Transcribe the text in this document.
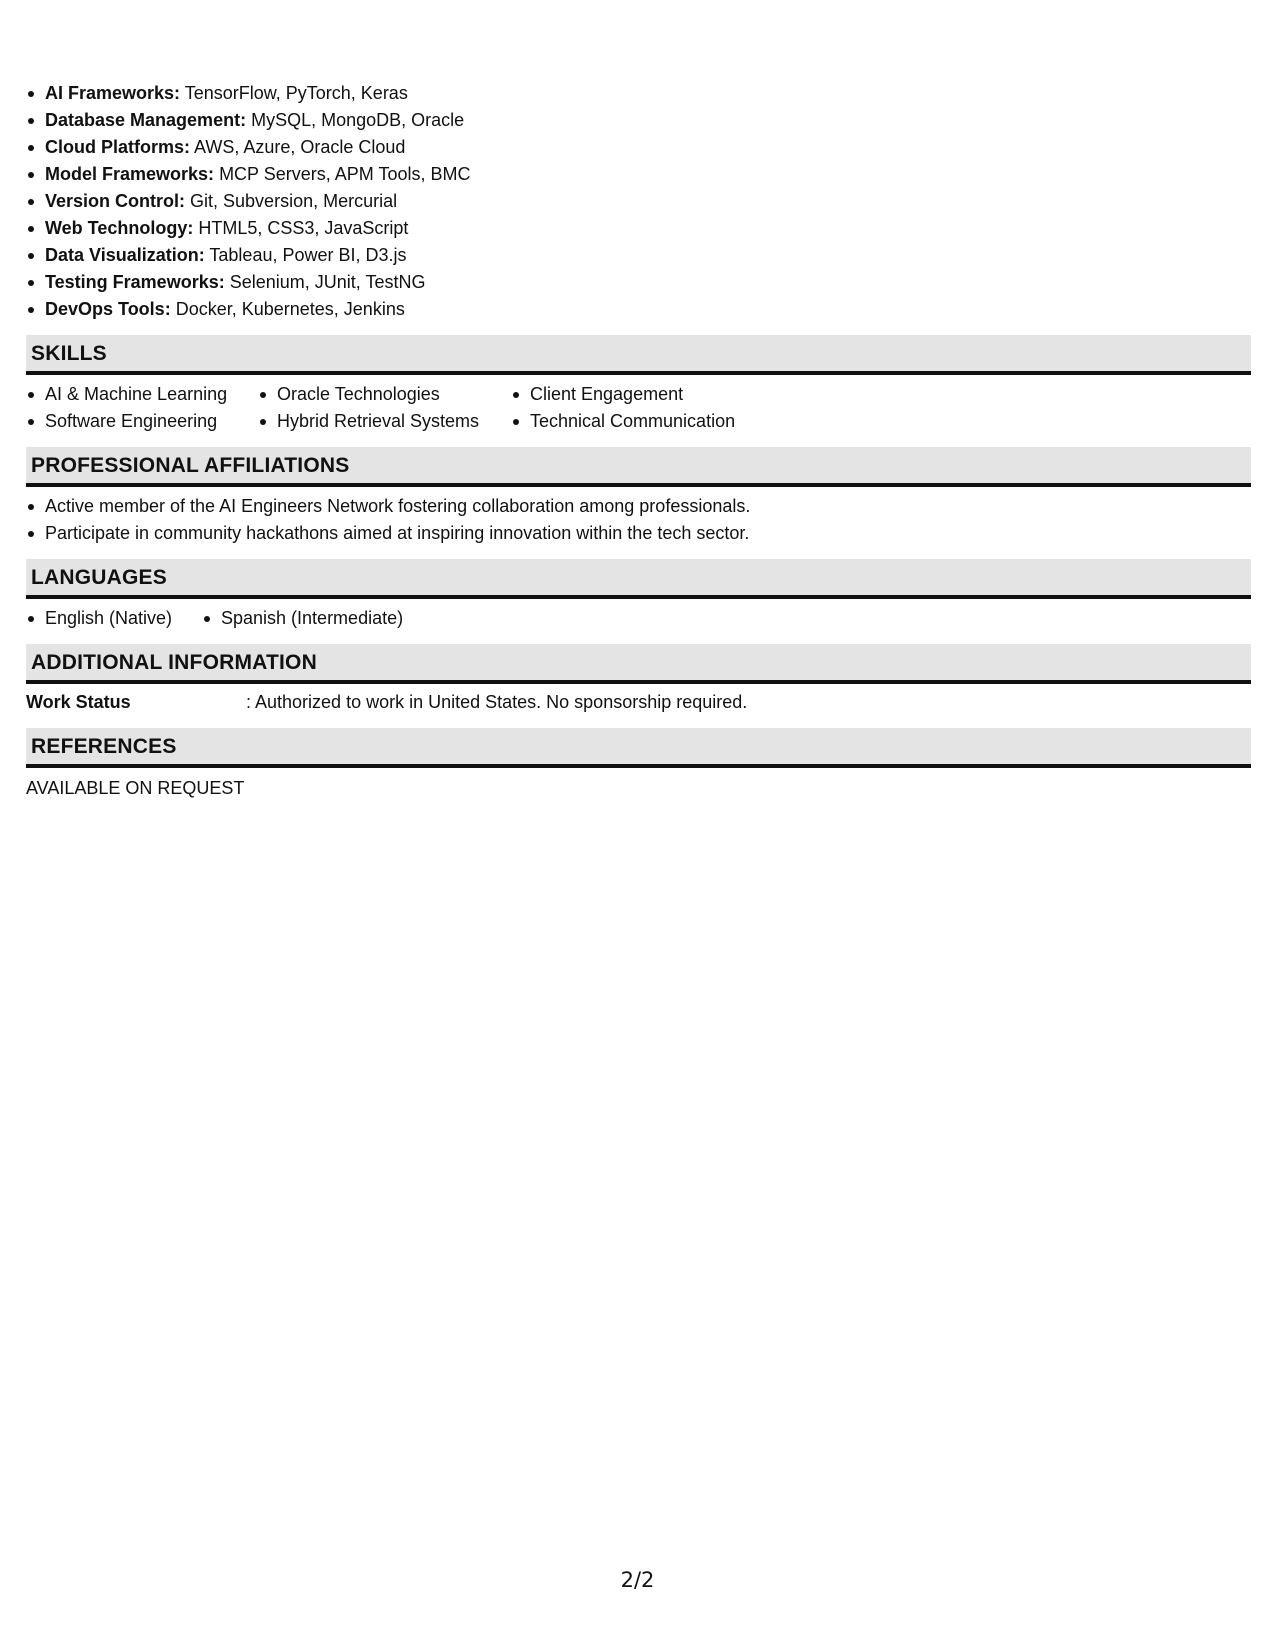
AI Frameworks: TensorFlow, PyTorch, Keras
Database Management: MySQL, MongoDB, Oracle
Cloud Platforms: AWS, Azure, Oracle Cloud
Model Frameworks: MCP Servers, APM Tools, BMC
Version Control: Git, Subversion, Mercurial
Web Technology: HTML5, CSS3, JavaScript
Data Visualization: Tableau, Power BI, D3.js
Testing Frameworks: Selenium, JUnit, TestNG
DevOps Tools: Docker, Kubernetes, Jenkins
SKILLS
AI & Machine Learning
Software Engineering
Oracle Technologies
Hybrid Retrieval Systems
Client Engagement
Technical Communication
PROFESSIONAL AFFILIATIONS
Active member of the AI Engineers Network fostering collaboration among professionals.
Participate in community hackathons aimed at inspiring innovation within the tech sector.
LANGUAGES
English (Native)	Spanish (Intermediate)
ADDITIONAL INFORMATION
Work Status	: Authorized to work in United States. No sponsorship required.
REFERENCES
AVAILABLE ON REQUEST
2/2
